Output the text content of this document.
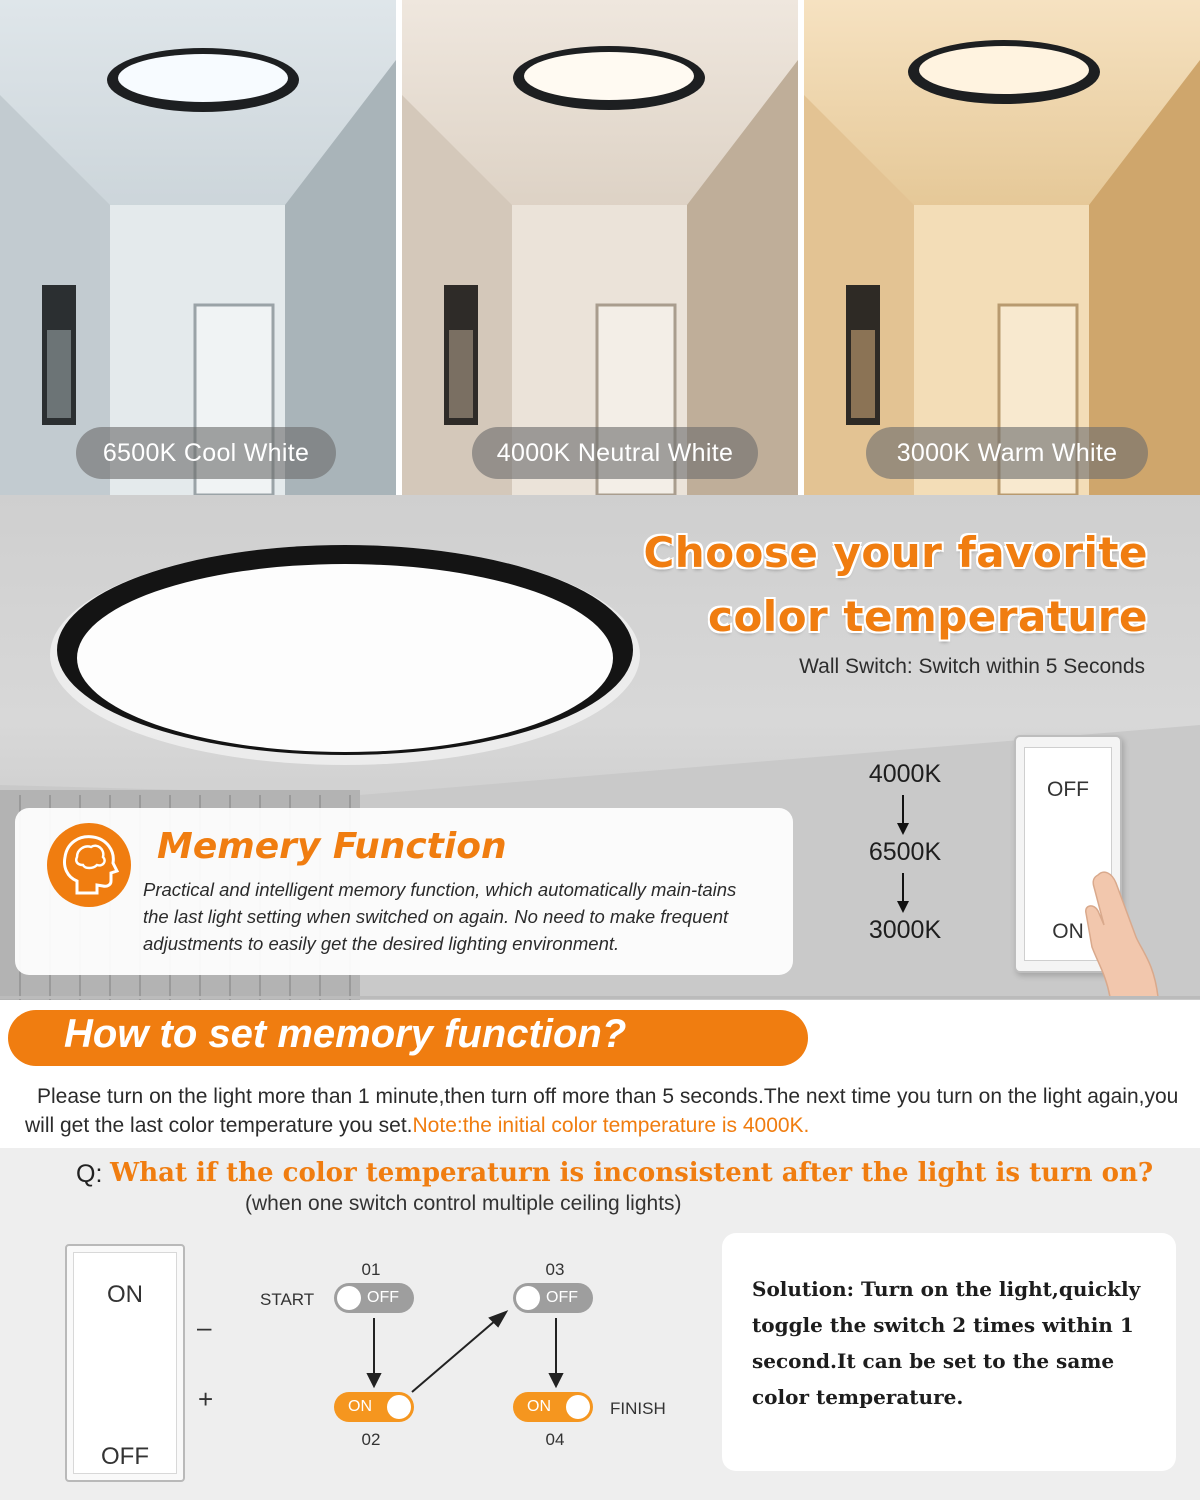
6500K Cool White	4000K Neutral White	3000K Warm White
Choose your favorite
color temperature
Wall Switch: Switch within 5 Seconds
4000K
6500K
3000K
OFF
ON
Memery Function
Practical and intelligent memory function, which automatically main-tains the last light setting when switched on again. No need to make frequent adjustments to easily get the desired lighting environment.
How to set memory function?
Please turn on the light more than 1 minute,then turn off more than 5 seconds.The next time you turn on the light again,you will get the last color temperature you set.Note:the initial color temperature is 4000K.
Q: What if the color temperaturn is inconsistent after the light is turn on?
(when one switch control multiple ceiling lights)
ON
OFF
–
+
01
START	OFF
ON
02
03
OFF
ON
04
FINISH
Solution: Turn on the light,quickly toggle the switch 2 times within 1 second.It can be set to the same color temperature.
